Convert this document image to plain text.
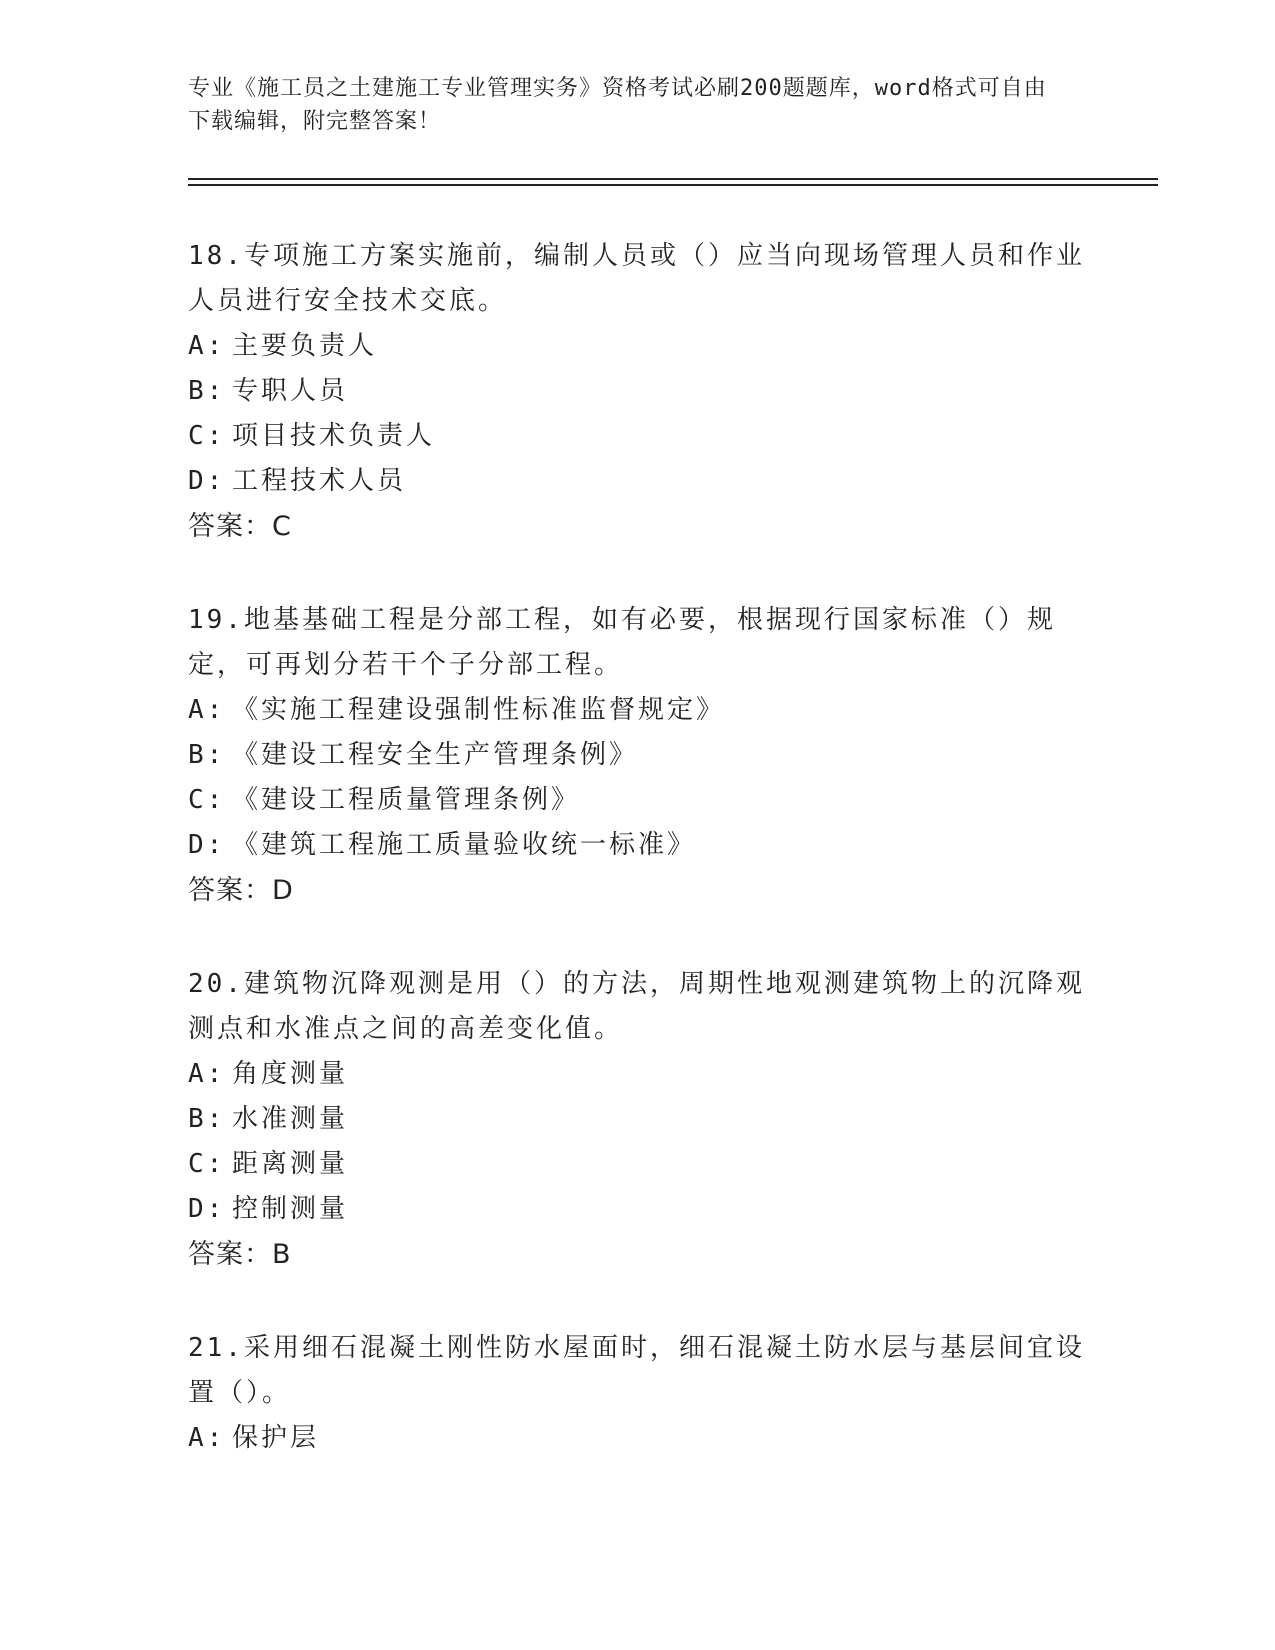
专业《施工员之土建施工专业管理实务》资格考试必刷200题题库，word格式可自由下载编辑，附完整答案！

18.专项施工方案实施前，编制人员或（）应当向现场管理人员和作业人员进行安全技术交底。

A: 主要负责人

B: 专职人员

C: 项目技术负责人

D: 工程技术人员

答案：C

19.地基基础工程是分部工程，如有必要，根据现行国家标准（）规定，可再划分若干个子分部工程。

A: 《实施工程建设强制性标准监督规定》

B: 《建设工程安全生产管理条例》

C: 《建设工程质量管理条例》

D: 《建筑工程施工质量验收统一标准》

答案：D

20.建筑物沉降观测是用（）的方法，周期性地观测建筑物上的沉降观测点和水准点之间的高差变化值。

A: 角度测量

B: 水准测量

C: 距离测量

D: 控制测量

答案：B

21.采用细石混凝土刚性防水屋面时，细石混凝土防水层与基层间宜设置（）。

A: 保护层
